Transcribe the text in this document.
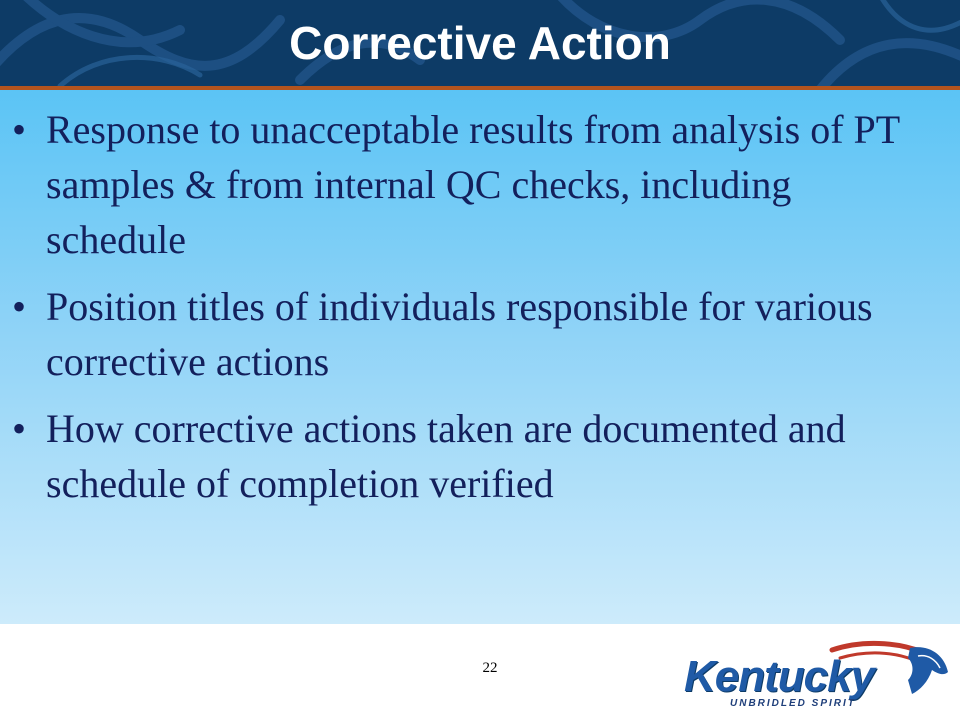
Corrective Action
• Response to unacceptable results from analysis of PT samples & from internal QC checks, including schedule
• Position titles of individuals responsible for various corrective actions
• How corrective actions taken are documented and schedule of completion verified
22	Kentucky
UNBRIDLED SPIRIT
